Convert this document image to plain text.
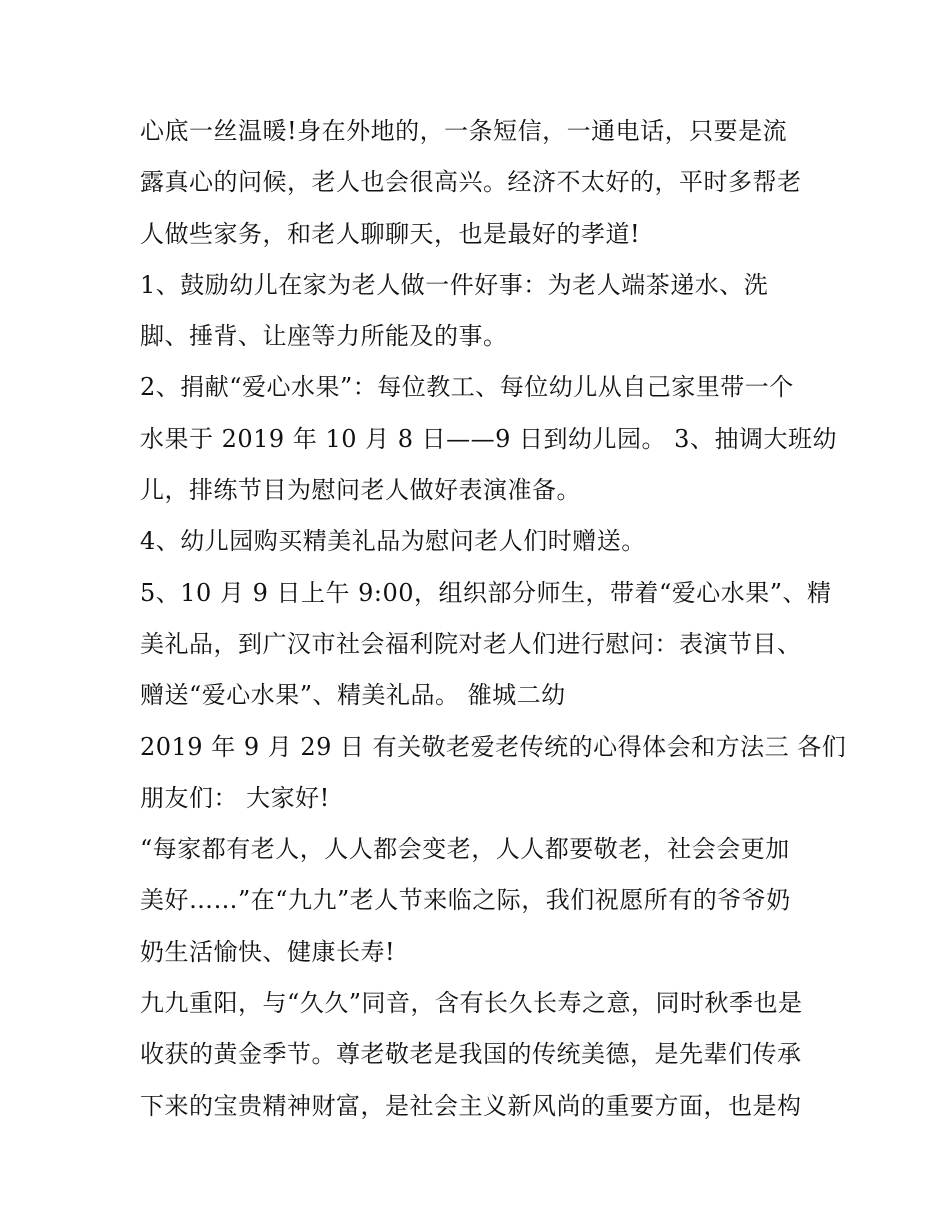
心底一丝温暖!身在外地的，一条短信，一通电话，只要是流
露真心的问候，老人也会很高兴。经济不太好的，平时多帮老
人做些家务，和老人聊聊天，也是最好的孝道!
1、鼓励幼儿在家为老人做一件好事：为老人端茶递水、洗
脚、捶背、让座等力所能及的事。
2、捐献“爱心水果”：每位教工、每位幼儿从自己家里带一个
水果于 2019 年 10 月 8 日——9 日到幼儿园。 3、抽调大班幼
儿，排练节目为慰问老人做好表演准备。
4、幼儿园购买精美礼品为慰问老人们时赠送。
5、10 月 9 日上午 9:00，组织部分师生，带着“爱心水果”、精
美礼品，到广汉市社会福利院对老人们进行慰问：表演节目、
赠送“爱心水果”、精美礼品。 雒城二幼
2019 年 9 月 29 日 有关敬老爱老传统的心得体会和方法三 各们
朋友们： 大家好!
“每家都有老人，人人都会变老，人人都要敬老，社会会更加
美好……”在“九九”老人节来临之际，我们祝愿所有的爷爷奶
奶生活愉快、健康长寿!
九九重阳，与“久久”同音，含有长久长寿之意，同时秋季也是
收获的黄金季节。尊老敬老是我国的传统美德，是先辈们传承
下来的宝贵精神财富，是社会主义新风尚的重要方面，也是构
